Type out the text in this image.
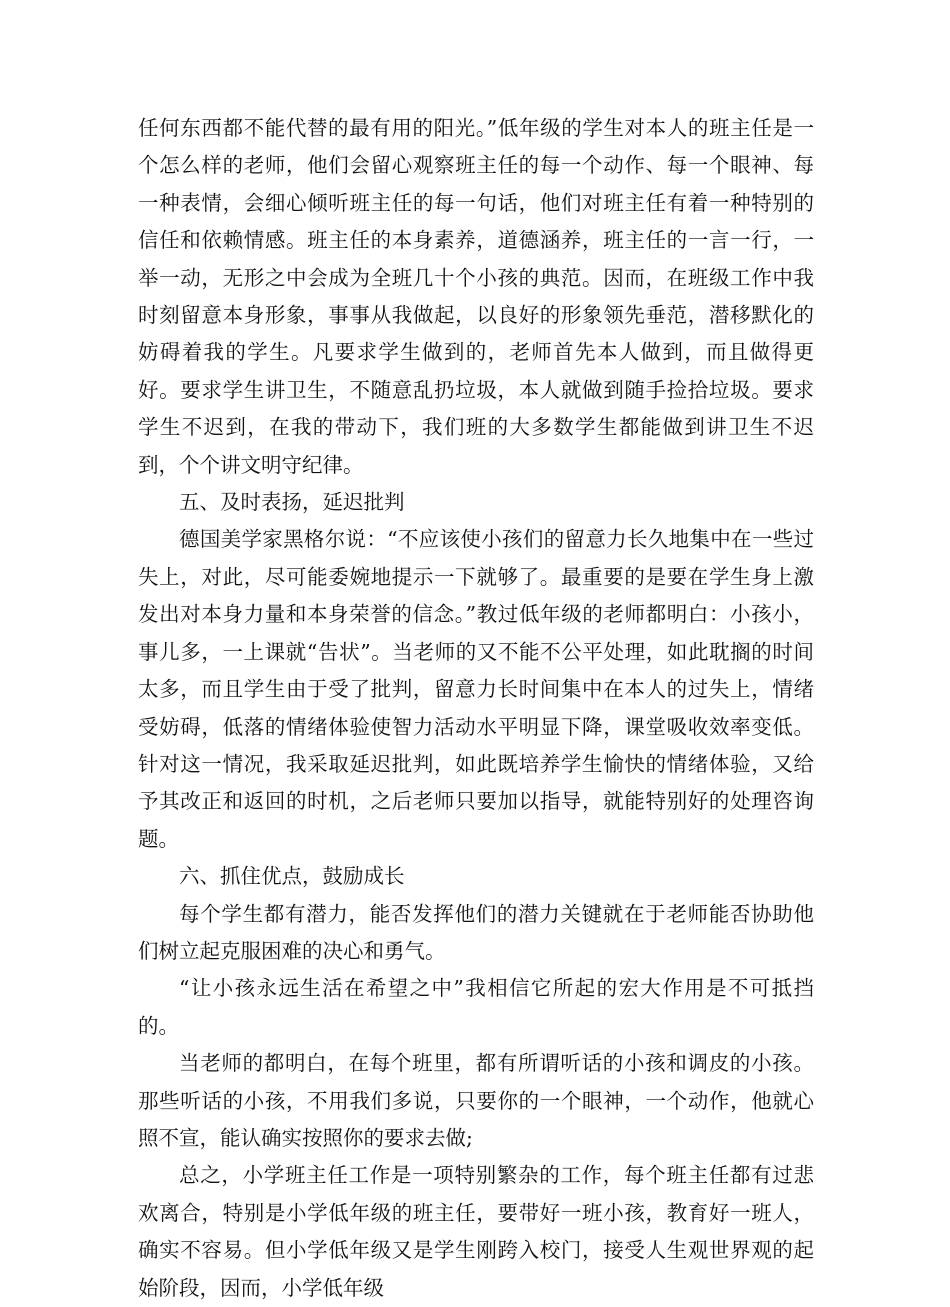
任何东西都不能代替的最有用的阳光。”低年级的学生对本人的班主任是一个怎么样的老师，他们会留心观察班主任的每一个动作、每一个眼神、每一种表情，会细心倾听班主任的每一句话，他们对班主任有着一种特别的信任和依赖情感。班主任的本身素养，道德涵养，班主任的一言一行，一举一动，无形之中会成为全班几十个小孩的典范。因而，在班级工作中我时刻留意本身形象，事事从我做起，以良好的形象领先垂范，潜移默化的妨碍着我的学生。凡要求学生做到的，老师首先本人做到，而且做得更好。要求学生讲卫生，不随意乱扔垃圾，本人就做到随手捡拾垃圾。要求学生不迟到，在我的带动下，我们班的大多数学生都能做到讲卫生不迟到，个个讲文明守纪律。

五、及时表扬，延迟批判

德国美学家黑格尔说：“不应该使小孩们的留意力长久地集中在一些过失上，对此，尽可能委婉地提示一下就够了。最重要的是要在学生身上激发出对本身力量和本身荣誉的信念。”教过低年级的老师都明白：小孩小，事儿多，一上课就“告状”。当老师的又不能不公平处理，如此耽搁的时间太多，而且学生由于受了批判，留意力长时间集中在本人的过失上，情绪受妨碍，低落的情绪体验使智力活动水平明显下降，课堂吸收效率变低。针对这一情况，我采取延迟批判，如此既培养学生愉快的情绪体验，又给予其改正和返回的时机，之后老师只要加以指导，就能特别好的处理咨询题。

六、抓住优点，鼓励成长

每个学生都有潜力，能否发挥他们的潜力关键就在于老师能否协助他们树立起克服困难的决心和勇气。

“让小孩永远生活在希望之中”我相信它所起的宏大作用是不可抵挡的。

当老师的都明白，在每个班里，都有所谓听话的小孩和调皮的小孩。那些听话的小孩，不用我们多说，只要你的一个眼神，一个动作，他就心照不宣，能认确实按照你的要求去做;

总之，小学班主任工作是一项特别繁杂的工作，每个班主任都有过悲欢离合，特别是小学低年级的班主任，要带好一班小孩，教育好一班人，确实不容易。但小学低年级又是学生刚跨入校门，接受人生观世界观的起始阶段，因而，小学低年级
